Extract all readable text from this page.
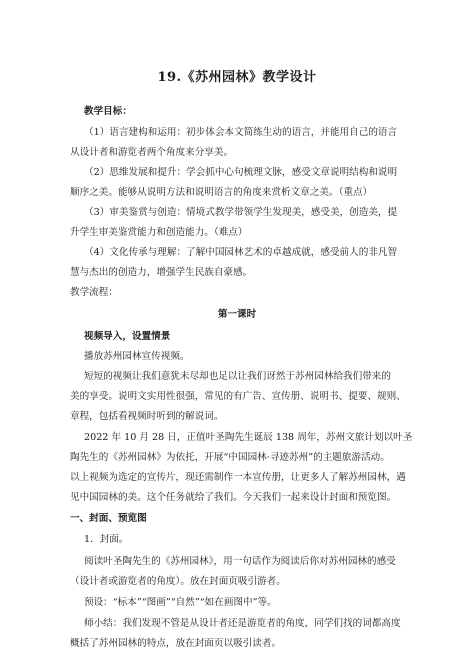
19.《苏州园林》教学设计
教学目标：
（1）语言建构和运用：初步体会本文简练生动的语言，并能用自己的语言
从设计者和游览者两个角度来分享美。
（2）思维发展和提升：学会抓中心句梳理文脉，感受文章说明结构和说明
顺序之美。能够从说明方法和说明语言的角度来赏析文章之美。（重点）
（3）审美鉴赏与创造：情境式教学带领学生发现美，感受美，创造美，提
升学生审美鉴赏能力和创造能力。（难点）
（4）文化传承与理解：了解中国园林艺术的卓越成就，感受前人的非凡智
慧与杰出的创造力，增强学生民族自豪感。
教学流程：
第一课时
视频导入，设置情景
播放苏州园林宣传视频。
短短的视频让我们意犹未尽却也足以让我们讶然于苏州园林给我们带来的
美的享受。说明文实用性很强，常见的有广告、宣传册、说明书、提要、规则、
章程，包括看视频时听到的解说词。
2022 年 10 月 28 日，正值叶圣陶先生诞辰 138 周年，苏州文旅计划以叶圣
陶先生的《苏州园林》为依托，开展“中国园林·寻迹苏州”的主题旅游活动。
以上视频为选定的宣传片，现还需制作一本宣传册，让更多人了解苏州园林，遇
见中国园林的美。这个任务就给了我们。今天我们一起来设计封面和预览图。
一、封面、预览图
1．封面。
阅读叶圣陶先生的《苏州园林》，用一句话作为阅读后你对苏州园林的感受
（设计者或游览者的角度）。放在封面页吸引游者。
预设：“标本”“图画”“自然”“如在画图中”等。
师小结：我们发现不管是从设计者还是游览者的角度，同学们找的词都高度
概括了苏州园林的特点，放在封面页以吸引读者。
